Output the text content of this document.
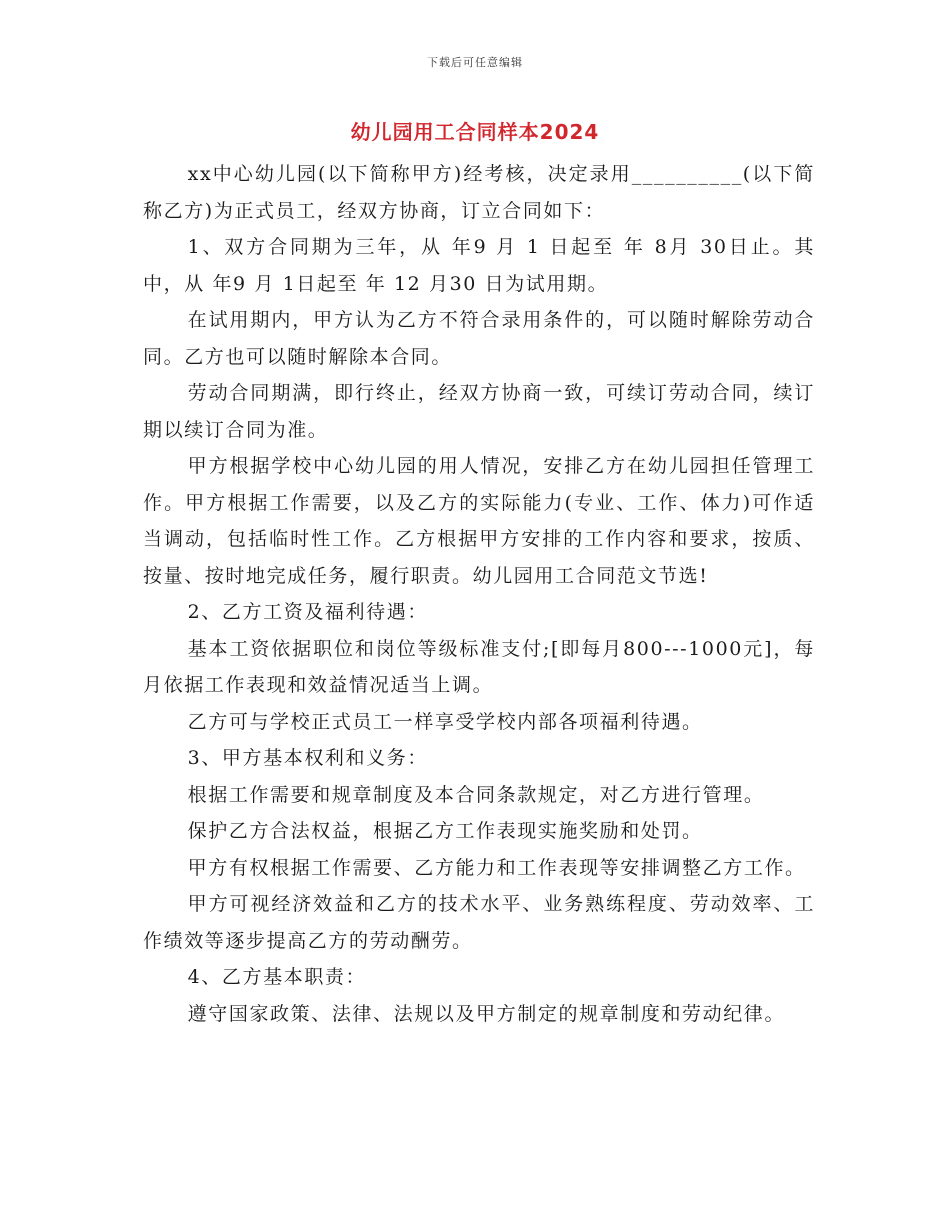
下载后可任意编辑
幼儿园用工合同样本2024

xx中心幼儿园(以下简称甲方)经考核，决定录用__________(以下简称乙方)为正式员工，经双方协商，订立合同如下：

1、双方合同期为三年，从 年9 月 1 日起至 年 8月 30日止。其中，从 年9 月 1日起至 年 12 月30 日为试用期。

在试用期内，甲方认为乙方不符合录用条件的，可以随时解除劳动合同。乙方也可以随时解除本合同。

劳动合同期满，即行终止，经双方协商一致，可续订劳动合同，续订期以续订合同为准。

甲方根据学校中心幼儿园的用人情况，安排乙方在幼儿园担任管理工作。甲方根据工作需要，以及乙方的实际能力(专业、工作、体力)可作适当调动，包括临时性工作。乙方根据甲方安排的工作内容和要求，按质、按量、按时地完成任务，履行职责。幼儿园用工合同范文节选!

2、乙方工资及福利待遇：

基本工资依据职位和岗位等级标准支付;[即每月800---1000元]，每月依据工作表现和效益情况适当上调。

乙方可与学校正式员工一样享受学校内部各项福利待遇。

3、甲方基本权利和义务：

根据工作需要和规章制度及本合同条款规定，对乙方进行管理。

保护乙方合法权益，根据乙方工作表现实施奖励和处罚。

甲方有权根据工作需要、乙方能力和工作表现等安排调整乙方工作。

甲方可视经济效益和乙方的技术水平、业务熟练程度、劳动效率、工作绩效等逐步提高乙方的劳动酬劳。

4、乙方基本职责：

遵守国家政策、法律、法规以及甲方制定的规章制度和劳动纪律。
